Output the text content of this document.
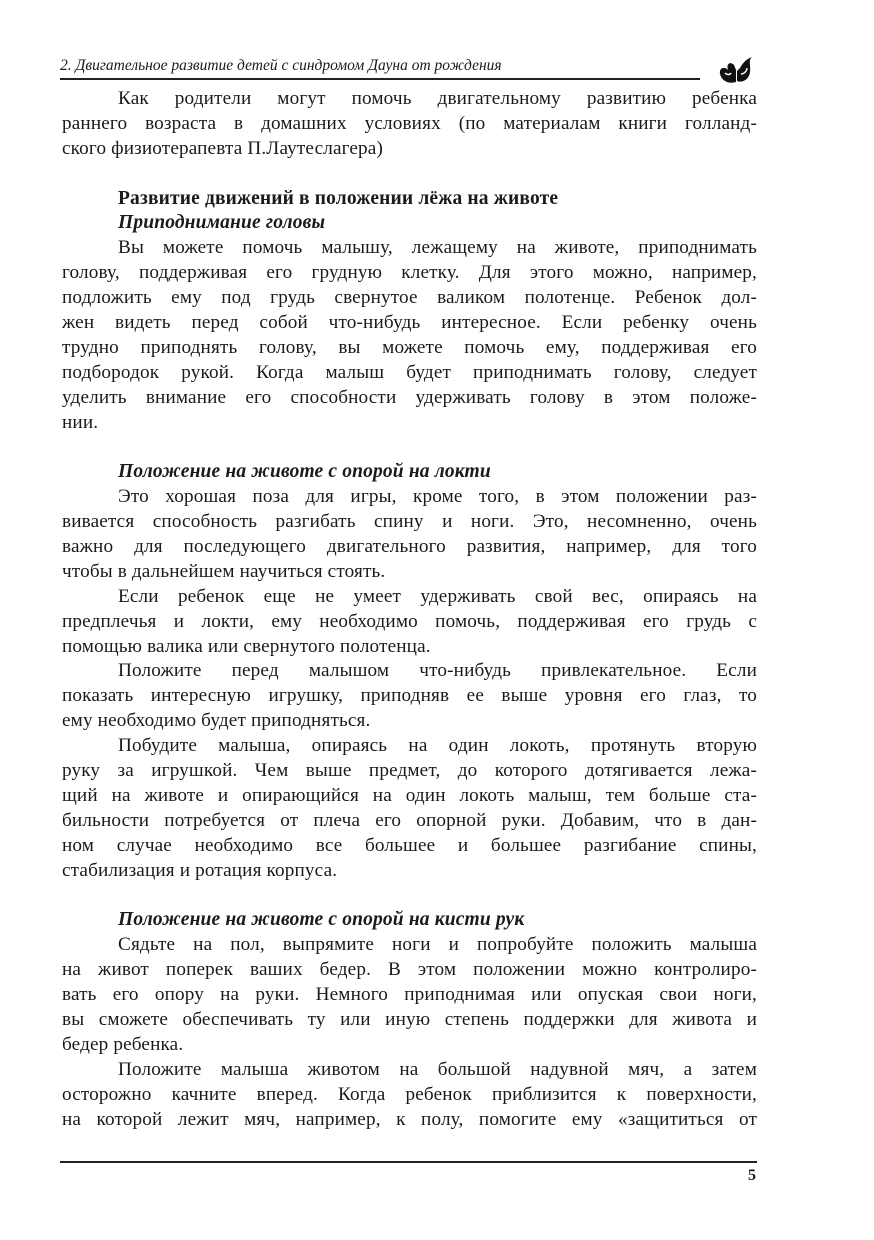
2. Двигательное развитие детей с синдромом Дауна от рождения
Как родители могут помочь двигательному развитию ребенка
раннего возраста в домашних условиях (по материалам книги голланд-
ского физиотерапевта П.Лаутеслагера)
Развитие движений в положении лёжа на животе
Приподнимание головы
Вы можете помочь малышу, лежащему на животе, приподнимать
голову, поддерживая его грудную клетку. Для этого можно, например,
подложить ему под грудь свернутое валиком полотенце. Ребенок дол-
жен видеть перед собой что-нибудь интересное. Если ребенку очень
трудно приподнять голову, вы можете помочь ему, поддерживая его
подбородок рукой. Когда малыш будет приподнимать голову, следует
уделить внимание его способности удерживать голову в этом положе-
нии.
Положение на животе с опорой на локти
Это хорошая поза для игры, кроме того, в этом положении раз-
вивается способность разгибать спину и ноги. Это, несомненно, очень
важно для последующего двигательного развития, например, для того
чтобы в дальнейшем научиться стоять.
Если ребенок еще не умеет удерживать свой вес, опираясь на
предплечья и локти, ему необходимо помочь, поддерживая его грудь с
помощью валика или свернутого полотенца.
Положите перед малышом что-нибудь привлекательное. Если
показать интересную игрушку, приподняв ее выше уровня его глаз, то
ему необходимо будет приподняться.
Побудите малыша, опираясь на один локоть, протянуть вторую
руку за игрушкой. Чем выше предмет, до которого дотягивается лежа-
щий на животе и опирающийся на один локоть малыш, тем больше ста-
бильности потребуется от плеча его опорной руки. Добавим, что в дан-
ном случае необходимо все большее и большее разгибание спины,
стабилизация и ротация корпуса.
Положение на животе с опорой на кисти рук
Сядьте на пол, выпрямите ноги и попробуйте положить малыша
на живот поперек ваших бедер. В этом положении можно контролиро-
вать его опору на руки. Немного приподнимая или опуская свои ноги,
вы сможете обеспечивать ту или иную степень поддержки для живота и
бедер ребенка.
Положите малыша животом на большой надувной мяч, а затем
осторожно качните вперед. Когда ребенок приблизится к поверхности,
на которой лежит мяч, например, к полу, помогите ему «защититься от
5
